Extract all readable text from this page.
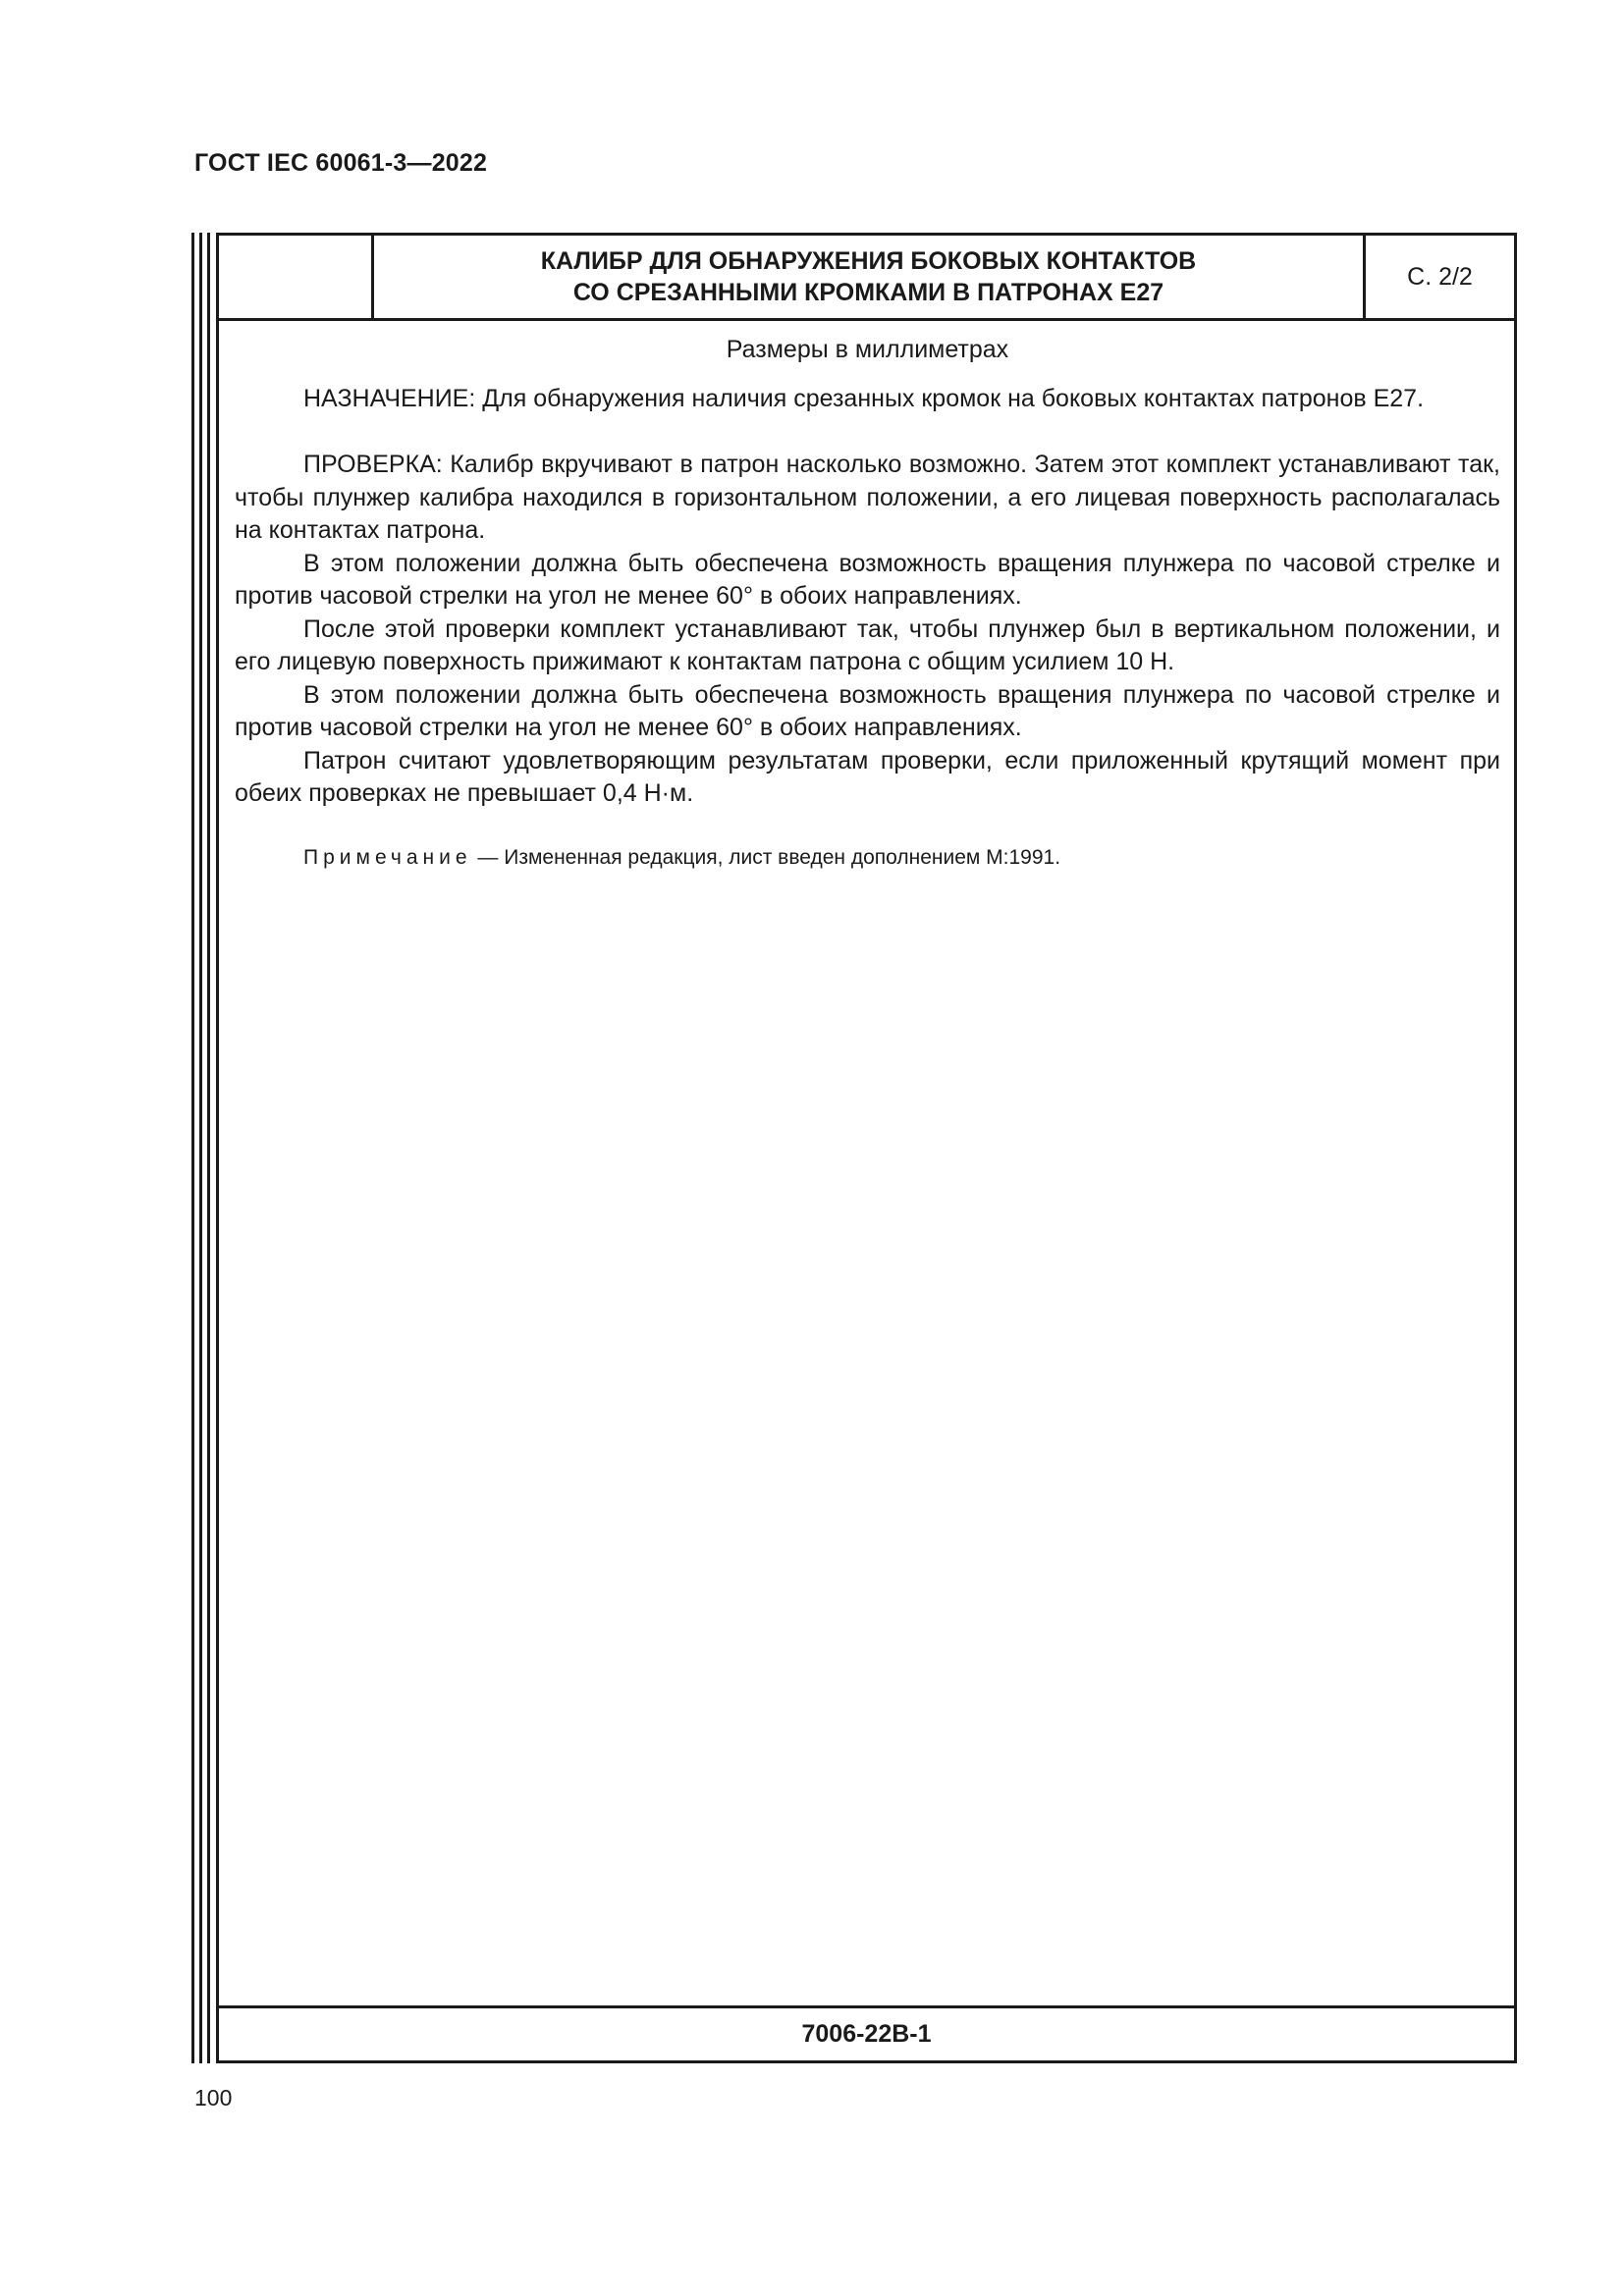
ГОСТ IEC 60061-3—2022
КАЛИБР ДЛЯ ОБНАРУЖЕНИЯ БОКОВЫХ КОНТАКТОВ
СО СРЕЗАННЫМИ КРОМКАМИ В ПАТРОНАХ E27
С. 2/2

Размеры в миллиметрах

НАЗНАЧЕНИЕ: Для обнаружения наличия срезанных кромок на боковых контактах патронов E27.

ПРОВЕРКА: Калибр вкручивают в патрон насколько возможно. Затем этот комплект устанавливают так, чтобы плунжер калибра находился в горизонтальном положении, а его лицевая поверхность располагалась на контактах патрона.

В этом положении должна быть обеспечена возможность вращения плунжера по часовой стрелке и против часовой стрелки на угол не менее 60° в обоих направлениях.

После этой проверки комплект устанавливают так, чтобы плунжер был в вертикальном положении, и его лицевую поверхность прижимают к контактам патрона с общим усилием 10 Н.

В этом положении должна быть обеспечена возможность вращения плунжера по часовой стрелке и против часовой стрелки на угол не менее 60° в обоих направлениях.

Патрон считают удовлетворяющим результатам проверки, если приложенный крутящий момент при обеих проверках не превышает 0,4 Н·м.

Примечание — Измененная редакция, лист введен дополнением M:1991.

7006-22B-1
100
